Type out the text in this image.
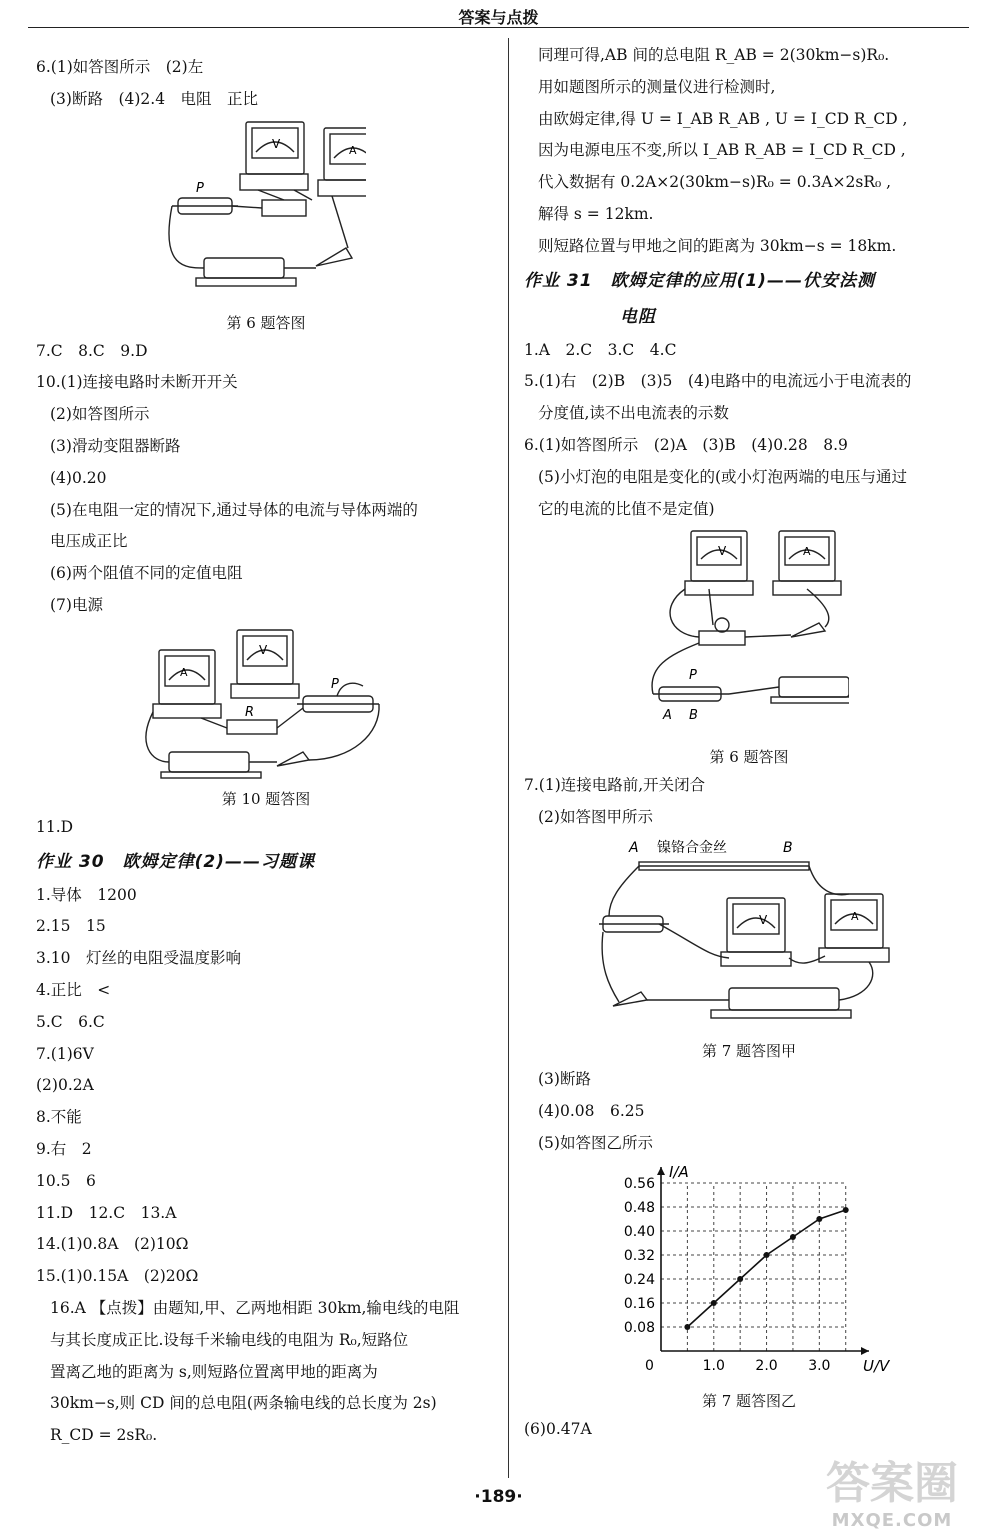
答案与点拨
6.(1)如答图所示　(2)左
(3)断路　(4)2.4　电阻　正比
P
V	A
第 6 题答图
7.C　8.C　9.D
10.(1)连接电路时未断开开关
(2)如答图所示
(3)滑动变阻器断路
(4)0.20
(5)在电阻一定的情况下,通过导体的电流与导体两端的
电压成正比
(6)两个阻值不同的定值电阻
(7)电源
A
V
R
P
第 10 题答图
11.D
作业 30　欧姆定律(2)——习题课
1.导体　1200
2.15　15
3.10　灯丝的电阻受温度影响
4.正比　<
5.C　6.C
7.(1)6V
(2)0.2A
8.不能
9.右　2
10.5　6
11.D　12.C　13.A
14.(1)0.8A　(2)10Ω
15.(1)0.15A　(2)20Ω
16.A 【点拨】由题知,甲、乙两地相距 30km,输电线的电阻
与其长度成正比.设每千米输电线的电阻为 R₀,短路位
置离乙地的距离为 s,则短路位置离甲地的距离为
30km−s,则 CD 间的总电阻(两条输电线的总长度为 2s)
R_CD = 2sR₀.
同理可得,AB 间的总电阻 R_AB = 2(30km−s)R₀.
用如题图所示的测量仪进行检测时,
由欧姆定律,得 U = I_AB R_AB , U = I_CD R_CD ,
因为电源电压不变,所以 I_AB R_AB = I_CD R_CD ,
代入数据有 0.2A×2(30km−s)R₀ = 0.3A×2sR₀ ,
解得 s = 12km.
则短路位置与甲地之间的距离为 30km−s = 18km.
作业 31　欧姆定律的应用(1)——伏安法测
电阻
1.A　2.C　3.C　4.C
5.(1)右　(2)B　(3)5　(4)电路中的电流远小于电流表的
分度值,读不出电流表的示数
6.(1)如答图所示　(2)A　(3)B　(4)0.28　8.9
(5)小灯泡的电阻是变化的(或小灯泡两端的电压与通过
它的电流的比值不是定值)
V	A
P
A B
第 6 题答图
7.(1)连接电路前,开关闭合
(2)如答图甲所示
V	A
A	B
镍铬合金丝
第 7 题答图甲
(3)断路
(4)0.08　6.25
(5)如答图乙所示
0.08
0.16
0.24
0.32
0.40
0.48
0.56
1.0 2.0 3.0
I/A
U/V
0
第 7 题答图乙
(6)0.47A
·189·	答案圈
MXQE.COM
